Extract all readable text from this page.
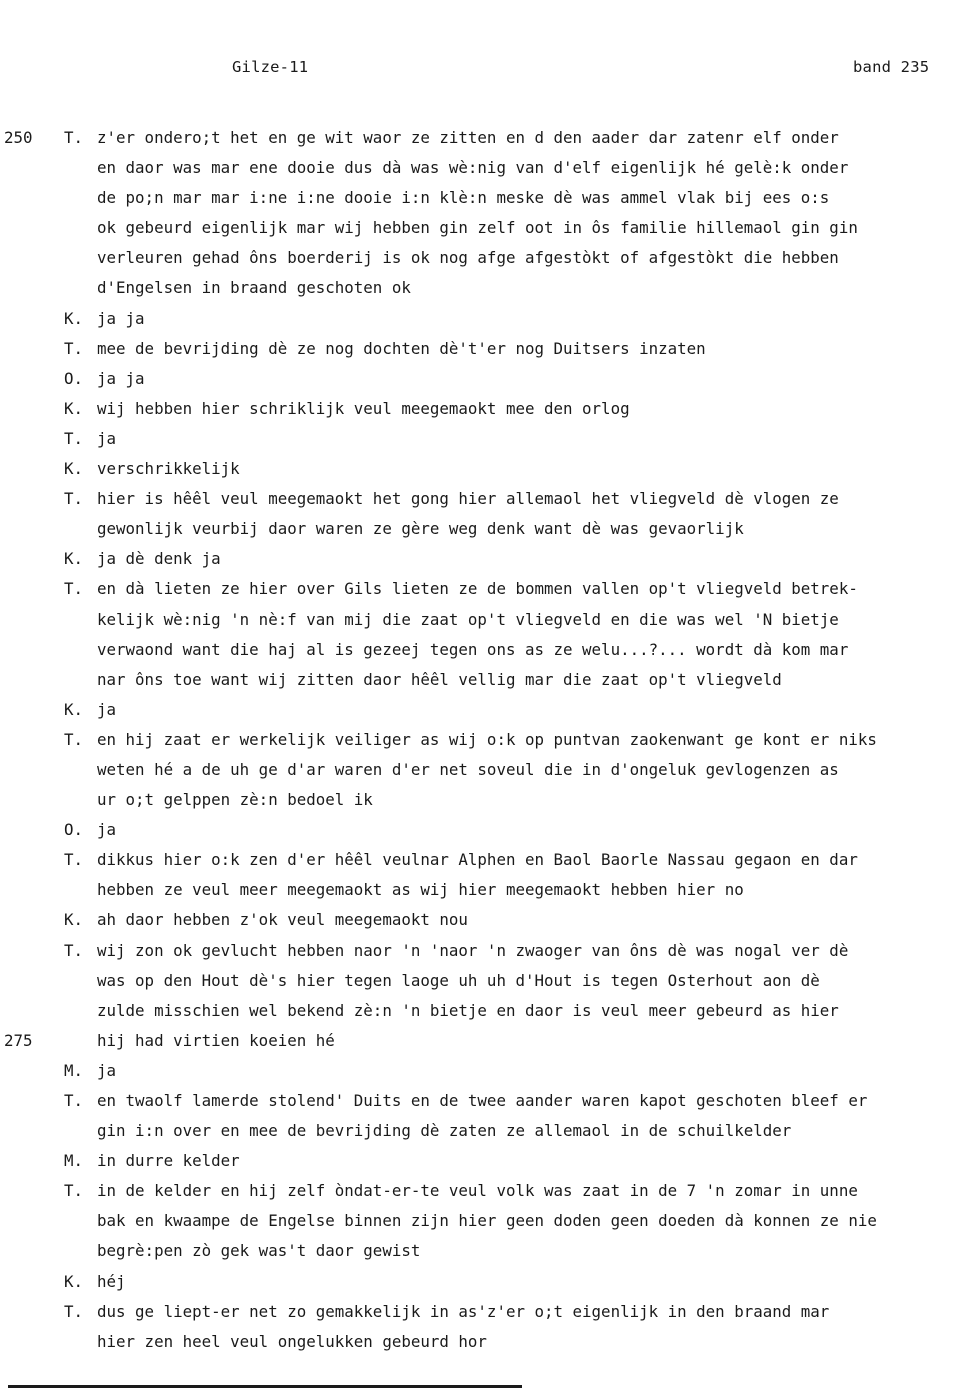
Gilze-11	band 235
250 T. z'er ondero;t het en ge wit waor ze zitten en d den aader dar zatenr elf onder
en daor was mar ene dooie dus dà was wè:nig van d'elf eigenlijk hé gelè:k onder
de po;n mar mar i:ne i:ne dooie i:n klè:n meske dè was ammel vlak bij ees o:s
ok gebeurd eigenlijk mar wij hebben gin zelf oot in ôs familie hillemaol gin gin
verleuren gehad ôns boerderij is ok nog afge afgestòkt of afgestòkt die hebben
d'Engelsen in braand geschoten ok
K. ja ja
T. mee de bevrijding dè ze nog dochten dè't'er nog Duitsers inzaten
O. ja ja
K. wij hebben hier schriklijk veul meegemaokt mee den orlog
T. ja
K. verschrikkelijk
T. hier is hêêl veul meegemaokt het gong hier allemaol het vliegveld dè vlogen ze
gewonlijk veurbij daor waren ze gère weg denk want dè was gevaorlijk
K. ja dè denk ja
T. en dà lieten ze hier over Gils lieten ze de bommen vallen op't vliegveld betrek-
kelijk wè:nig 'n nè:f van mij die zaat op't vliegveld en die was wel 'N bietje
verwaond want die haj al is gezeej tegen ons as ze welu...?... wordt dà kom mar
nar ôns toe want wij zitten daor hêêl vellig mar die zaat op't vliegveld
K. ja
T. en hij zaat er werkelijk veiliger as wij o:k op puntvan zaokenwant ge kont er niks
weten hé a de uh ge d'ar waren d'er net soveul die in d'ongeluk gevlogenzen as
ur o;t gelppen zè:n bedoel ik
O. ja
T. dikkus hier o:k zen d'er hêêl veulnar Alphen en Baol Baorle Nassau gegaon en dar
hebben ze veul meer meegemaokt as wij hier meegemaokt hebben hier no
K. ah daor hebben z'ok veul meegemaokt nou
T. wij zon ok gevlucht hebben naor 'n 'naor 'n zwaoger van ôns dè was nogal ver dè
was op den Hout dè's hier tegen laoge uh uh d'Hout is tegen Osterhout aon dè
zulde misschien wel bekend zè:n 'n bietje en daor is veul meer gebeurd as hier
275	hij had virtien koeien hé
M. ja
T. en twaolf lamerde stolend' Duits en de twee aander waren kapot geschoten bleef er
gin i:n over en mee de bevrijding dè zaten ze allemaol in de schuilkelder
M. in durre kelder
T. in de kelder en hij zelf òndat-er-te veul volk was zaat in de 7 'n zomar in unne
bak en kwaampe de Engelse binnen zijn hier geen doden geen doeden dà konnen ze nie
begrè:pen zò gek was't daor gewist
K. héj
T. dus ge liept-er net zo gemakkelijk in as'z'er o;t eigenlijk in den braand mar
hier zen heel veul ongelukken gebeurd hor
